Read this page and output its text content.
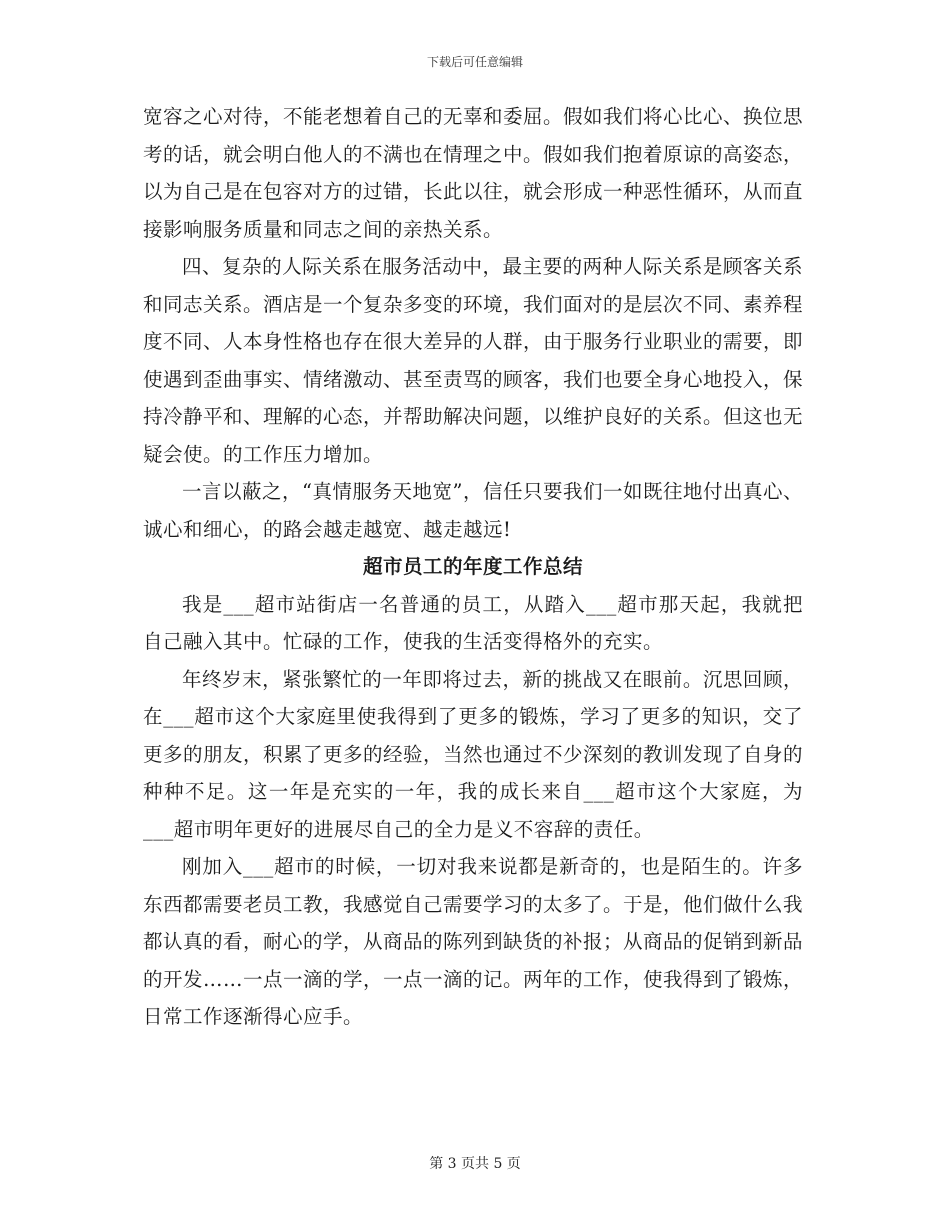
下载后可任意编辑

宽容之心对待，不能老想着自己的无辜和委屈。假如我们将心比心、换位思考的话，就会明白他人的不满也在情理之中。假如我们抱着原谅的高姿态，以为自己是在包容对方的过错，长此以往，就会形成一种恶性循环，从而直接影响服务质量和同志之间的亲热关系。

四、复杂的人际关系在服务活动中，最主要的两种人际关系是顾客关系和同志关系。酒店是一个复杂多变的环境，我们面对的是层次不同、素养程度不同、人本身性格也存在很大差异的人群，由于服务行业职业的需要，即使遇到歪曲事实、情绪激动、甚至责骂的顾客，我们也要全身心地投入，保持冷静平和、理解的心态，并帮助解决问题，以维护良好的关系。但这也无疑会使。的工作压力增加。

一言以蔽之，“真情服务天地宽”，信任只要我们一如既往地付出真心、诚心和细心，的路会越走越宽、越走越远!

超市员工的年度工作总结

我是___超市站街店一名普通的员工，从踏入___超市那天起，我就把自己融入其中。忙碌的工作，使我的生活变得格外的充实。

年终岁末，紧张繁忙的一年即将过去，新的挑战又在眼前。沉思回顾，在___超市这个大家庭里使我得到了更多的锻炼，学习了更多的知识，交了更多的朋友，积累了更多的经验，当然也通过不少深刻的教训发现了自身的种种不足。这一年是充实的一年，我的成长来自___超市这个大家庭，为___超市明年更好的进展尽自己的全力是义不容辞的责任。

刚加入___超市的时候，一切对我来说都是新奇的，也是陌生的。许多东西都需要老员工教，我感觉自己需要学习的太多了。于是，他们做什么我都认真的看，耐心的学，从商品的陈列到缺货的补报；从商品的促销到新品的开发……一点一滴的学，一点一滴的记。两年的工作，使我得到了锻炼，日常工作逐渐得心应手。

第 3 页共 5 页
